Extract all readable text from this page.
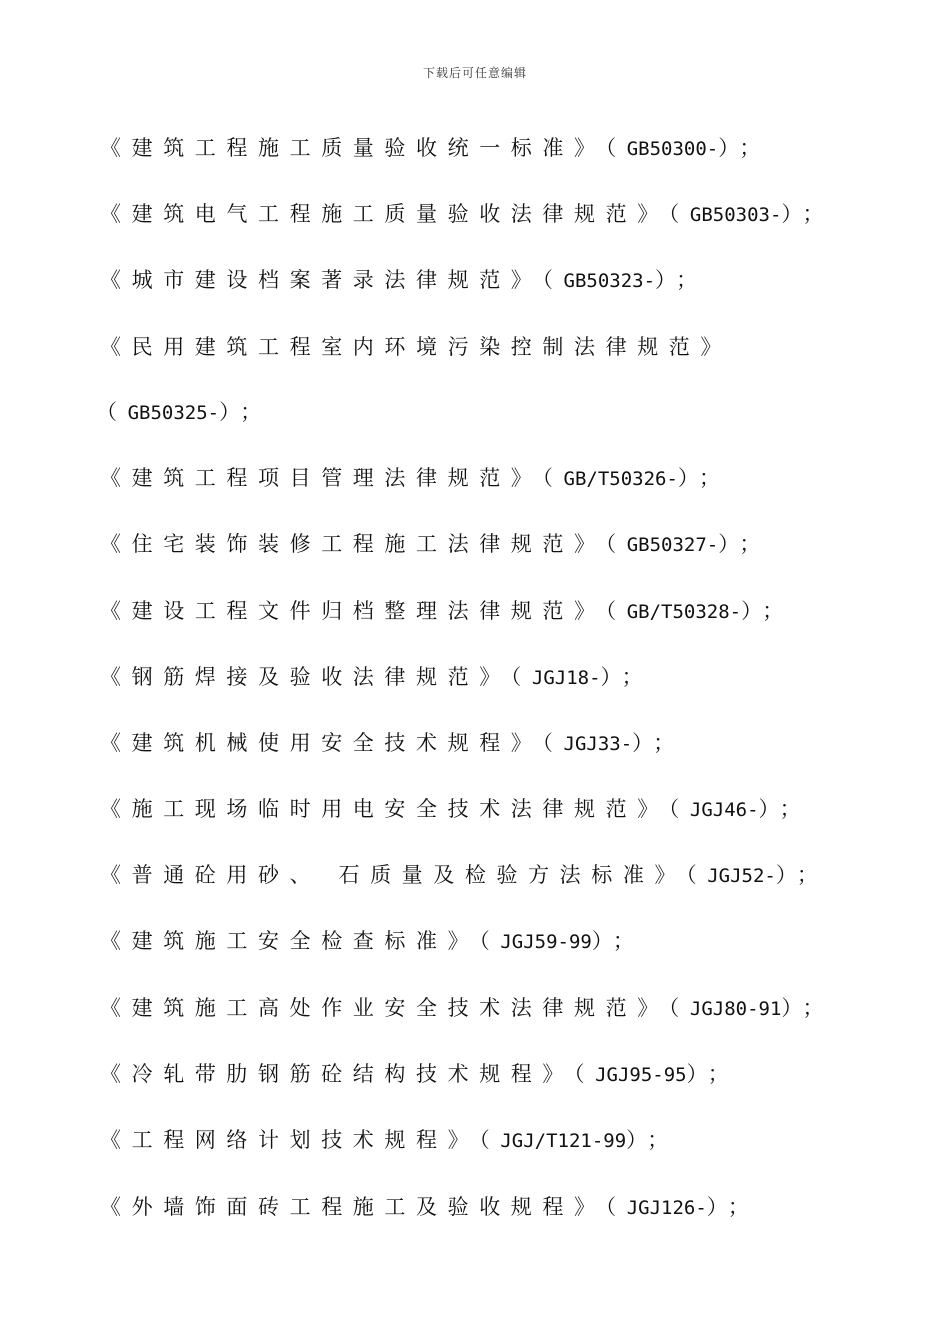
下载后可任意编辑
《建筑工程施工质量验收统一标准》（GB50300-）；
《建筑电气工程施工质量验收法律规范》（GB50303-）；
《城市建设档案著录法律规范》（GB50323-）；
《民用建筑工程室内环境污染控制法律规范》
（GB50325-）；
《建筑工程项目管理法律规范》（GB/T50326-）；
《住宅装饰装修工程施工法律规范》（GB50327-）；
《建设工程文件归档整理法律规范》（GB/T50328-）；
《钢筋焊接及验收法律规范》（JGJ18-）；
《建筑机械使用安全技术规程》（JGJ33-）；
《施工现场临时用电安全技术法律规范》（JGJ46-）；
《普通砼用砂、 石质量及检验方法标准》（JGJ52-）；
《建筑施工安全检查标准》（JGJ59-99）；
《建筑施工高处作业安全技术法律规范》（JGJ80-91）；
《冷轧带肋钢筋砼结构技术规程》（JGJ95-95）；
《工程网络计划技术规程》（JGJ/T121-99）；
《外墙饰面砖工程施工及验收规程》（JGJ126-）；
